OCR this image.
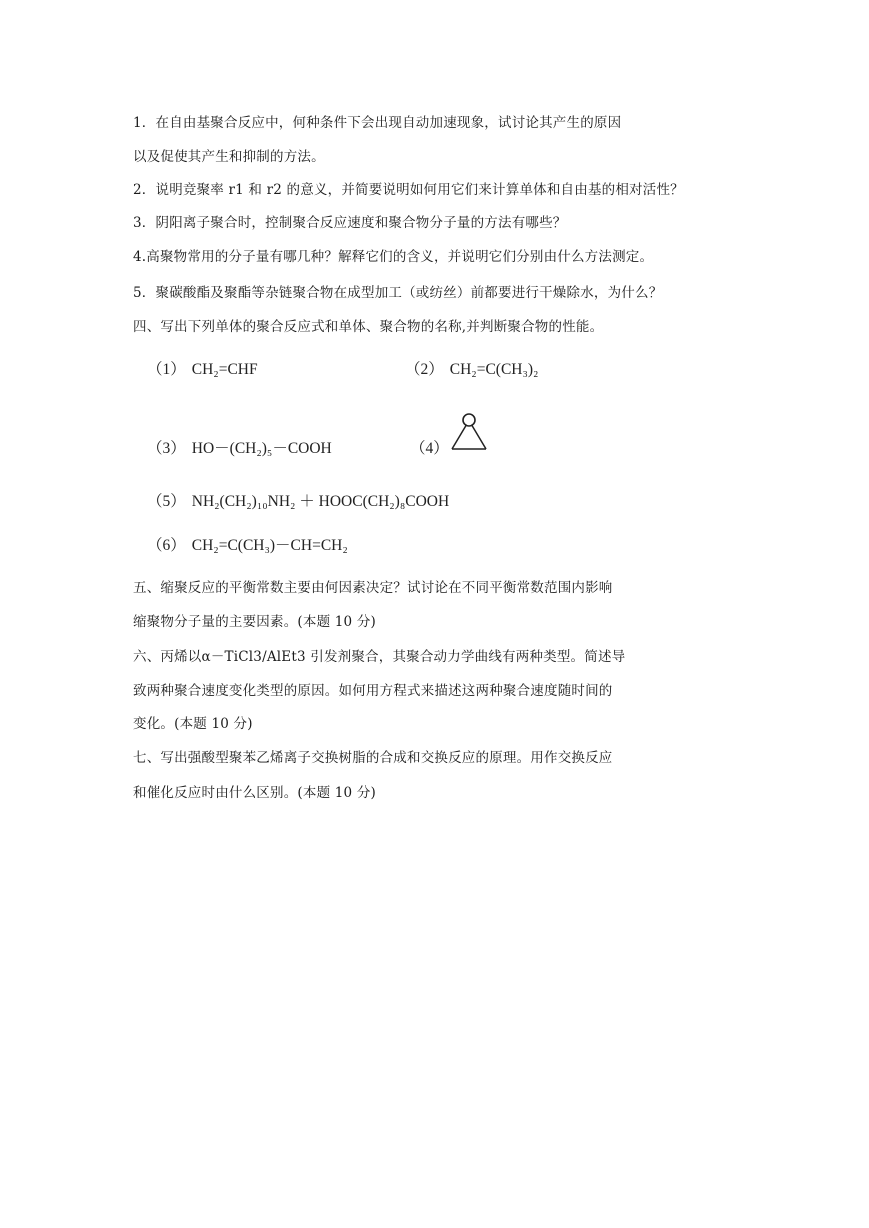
1．在自由基聚合反应中，何种条件下会出现自动加速现象，试讨论其产生的原因
以及促使其产生和抑制的方法。
2．说明竞聚率 r1 和 r2 的意义，并简要说明如何用它们来计算单体和自由基的相对活性？
3．阴阳离子聚合时，控制聚合反应速度和聚合物分子量的方法有哪些？
4.高聚物常用的分子量有哪几种？解释它们的含义，并说明它们分别由什么方法测定。
5．聚碳酸酯及聚酯等杂链聚合物在成型加工（或纺丝）前都要进行干燥除水，为什么？
四、写出下列单体的聚合反应式和单体、聚合物的名称,并判断聚合物的性能。
（1） CH₂=CHF	（2） CH₂=C(CH₃)₂
（3） HO－(CH₂)₅－COOH	（4）
（5） NH₂(CH₂)₁₀NH₂ ＋ HOOC(CH₂)₈COOH
（6） CH₂=C(CH₃)－CH=CH₂
五、缩聚反应的平衡常数主要由何因素决定？试讨论在不同平衡常数范围内影响
缩聚物分子量的主要因素。(本题 10 分)
六、丙烯以α－TiCl3/AlEt3 引发剂聚合，其聚合动力学曲线有两种类型。简述导
致两种聚合速度变化类型的原因。如何用方程式来描述这两种聚合速度随时间的
变化。(本题 10 分)
七、写出强酸型聚苯乙烯离子交换树脂的合成和交换反应的原理。用作交换反应
和催化反应时由什么区别。(本题 10 分)
